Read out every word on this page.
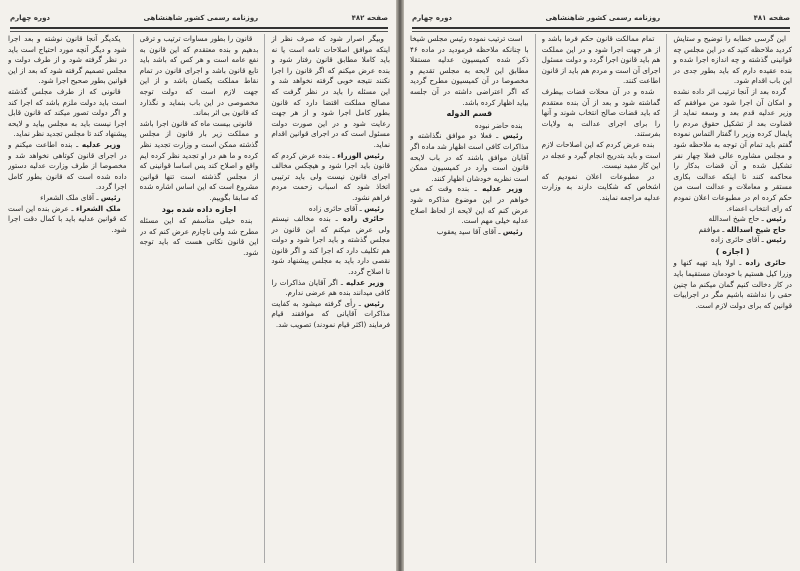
صفحه ۴۸۲
روزنامه رسمی کشور شاهنشاهی
دوره چهارم

وبیگر اصرار شود که صرف نظر از اینکه موافق اصلاحات تامه است یا نه باید کاملا مطابق قانون رفتار شود و بنده عرض میکنم که اگر قانون را اجرا نکنند نتیجه خوبی گرفته نخواهد شد و این مسئله را باید در نظر گرفت که مصالح مملکت اقتضا دارد که قانون بطور کامل اجرا شود و از هر جهت رعایت شود و در این صورت دولت مسئول است که در اجرای قوانین اقدام نماید.

رئیس الوزراء ـ بنده عرض کردم که قانون باید اجرا شود و هیچکس مخالف اجرای قانون نیست ولی باید ترتیبی اتخاذ شود که اسباب زحمت مردم فراهم نشود.

رئیس ـ آقای حائری زاده

حائری زاده ـ بنده مخالف نیستم ولی عرض میکنم که این قانون در مجلس گذشته و باید اجرا شود و دولت هم تکلیف دارد که اجرا کند و اگر قانون نقصی دارد باید به مجلس پیشنهاد شود تا اصلاح گردد.

وزیر عدلیه ـ اگر آقایان مذاکرات را کافی میدانند بنده هم عرضی ندارم.

رئیس ـ رأی گرفته میشود به کفایت مذاکرات آقایانی که موافقند قیام فرمایند (اکثر قیام نمودند) تصویب شد.

قانون را بطور مساوات ترتیب و ترقی بدهیم و بنده معتقدم که این قانون به نفع عامه است و هر کس که باشد باید تابع قانون باشد و اجرای قانون در تمام نقاط مملکت یکسان باشد و از این جهت لازم است که دولت توجه مخصوصی در این باب بنماید و نگذارد که قانون بی اثر بماند.

قانونی بیست ماه که قانون اجرا باشد و مملکت زیر بار قانون از مجلس گذشته ممکن است و وزارت تجدید نظر کرده و ما هم در او تجدید نظر کرده ایم واقع و اصلاح کند پس اساسا قوانینی که از مجلس گذشته است تنها قوانین مشروع است که این اساس اشاره شده که سابقا بگوییم.

اجازه داده شده بود

بنده خیلی متأسفم که این مسئله مطرح شد ولی ناچارم عرض کنم که در این قانون نکاتی هست که باید توجه شود.

یکدیگر آنجا قانون نوشته و بعد اجرا شود و دیگر آنچه مورد احتیاج است باید در نظر گرفته شود و از طرف دولت و مجلس تصمیم گرفته شود که بعد از این قوانین بطور صحیح اجرا شود.

قانونی که از طرف مجلس گذشته است باید دولت ملزم باشد که اجرا کند و اگر دولت تصور میکند که قانون قابل اجرا نیست باید به مجلس بیاید و لایحه پیشنهاد کند تا مجلس تجدید نظر نماید.

وزیر عدلیه ـ بنده اطاعت میکنم و در اجرای قانون کوتاهی نخواهد شد و مخصوصا از طرف وزارت عدلیه دستور داده شده است که قانون بطور کامل اجرا گردد.

رئیس ـ آقای ملک الشعراء

ملک الشعراء ـ عرض بنده این است که قوانین عدلیه باید با کمال دقت اجرا شود.

صفحه ۴۸۱
روزنامه رسمی کشور شاهنشاهی
دوره چهارم

این گرسی خطابه را توضیح و ستایش کردید ملاحظه کنید که در این مجلس چه قوانینی گذشته و چه اندازه اجرا شده و بنده عقیده دارم که باید بطور جدی در این باب اقدام شود.

گرده بعد از آنجا ترتیب اثر داده نشده و امکان آن اجرا شود من موافقم که وزیر عدلیه قدم بعد و وسعه نماید از قضاوت بعد از تشکیل حقوق مردم را پایمال کرده وزیر را گفتار التماس نموده گفتم باید تمام آن توجه به ملاحظه شود و مجلس مشاوره عالی فعلا چهار نفر تشکیل شده و آن قضات بدکار را محاکمه کنند تا اینکه عدالت بکاری مستقر و معاملات و عدالت است من حکم کرده ام در مطبوعات اعلان نمودم که رای انتخاب اعضاء.

رئیس ـ حاج شیخ اسدالله

حاج شیخ اسدالله ـ موافقم

رئیس ـ آقای حائری زاده

( اجازه )

حائری زاده ـ اولا باید تهیه کنها و وزرا کیل هستیم با خودمان مستقیما باید در کار دخالت کنیم گمان میکنم ما چنین حقی را نداشته باشیم مگر در اجراییات قوانین که برای دولت لازم است.

تمام ممالکت قانون حکم فرما باشد و از هر جهت اجرا شود و در این مملکت هم باید قانون اجرا گردد و دولت مسئول اجرای آن است و مردم هم باید از قانون اطاعت کنند.

شده و در آن محلات قضات بیطرف گماشته شود و بعد از آن بنده معتقدم که باید قضات صالح انتخاب شوند و آنها را برای اجرای عدالت به ولایات بفرستند.

بنده عرض کردم که این اصلاحات لازم است و باید بتدریج انجام گیرد و عجله در این کار مفید نیست.

در مطبوعات اعلان نمودیم که اشخاص که شکایت دارند به وزارت عدلیه مراجعه نمایند.

است ترتیب نموده رئیس مجلس شیخا با چنانکه ملاحظه فرمودید در ماده ۴۶ ذکر شده کمیسیون عدلیه مستقلا مطابق این لایحه به مجلس تقدیم و مخصوصا در آن کمیسیون مطرح گردید که اگر اعتراضی داشته در آن جلسه بیاید اظهار کرده باشد.

قسم الدوله

بنده حاضر نبوده

رئیس ـ فعلا دو موافق نگذاشته و مذاکرات کافی است اظهار شد ماده اگر آقایان موافق باشند که در باب لایحه قانون است وارد در کمیسیون ممکن است نظریه خودشان اظهار کنند.

وزیر عدلیه ـ بنده وقت که می خواهم در این موضوع مذاکره شود عرض کنم که این لایحه از لحاظ اصلاح عدلیه خیلی مهم است.

رئیس ـ آقای آقا سید یعقوب
